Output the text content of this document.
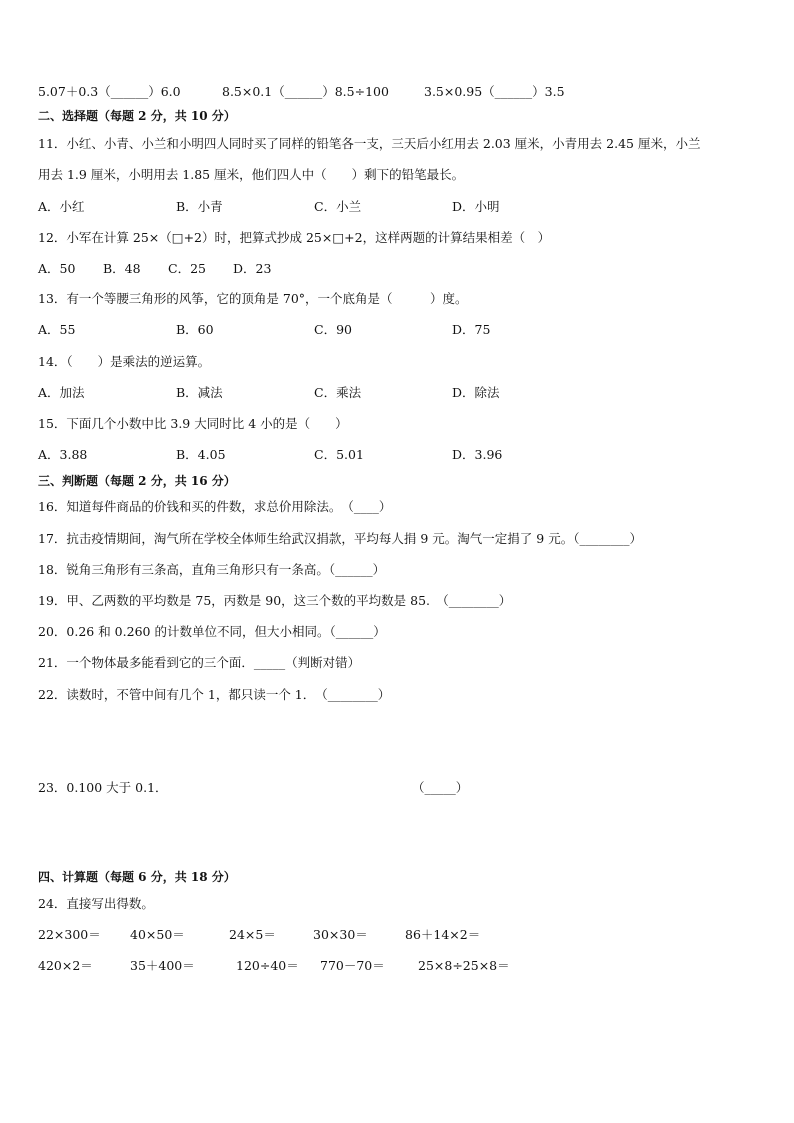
5.07＋0.3（______）6.0	8.5×0.1（______）8.5÷100	3.5×0.95（______）3.5
二、选择题（每题 2 分，共 10 分）
11．小红、小青、小兰和小明四人同时买了同样的铅笔各一支，三天后小红用去 2.03 厘米，小青用去 2.45 厘米，小兰
用去 1.9 厘米，小明用去 1.85 厘米，他们四人中（　　）剩下的铅笔最长。
A．小红	B．小青	C．小兰	D．小明
12．小军在计算 25×（□+2）时，把算式抄成 25×□+2，这样两题的计算结果相差（　）
A．50 B．48 C．25 D．23
13．有一个等腰三角形的风筝，它的顶角是 70°，一个底角是（　　　）度。
A．55	B．60	C．90	D．75
14．（　　）是乘法的逆运算。
A．加法	B．减法	C．乘法	D．除法
15．下面几个小数中比 3.9 大同时比 4 小的是（　　）
A．3.88	B．4.05	C．5.01	D．3.96
三、判断题（每题 2 分，共 16 分）
16．知道每件商品的价钱和买的件数，求总价用除法。　（____）
17．抗击疫情期间，淘气所在学校全体师生给武汉捐款，平均每人捐 9 元。淘气一定捐了 9 元。（________）
18．锐角三角形有三条高，直角三角形只有一条高。（______）
19．甲、乙两数的平均数是 75，丙数是 90，这三个数的平均数是 85.　（________）
20．0.26 和 0.260 的计数单位不同，但大小相同。（______）
21．一个物体最多能看到它的三个面．_____（判断对错）
22．读数时，不管中间有几个 1，都只读一个 1．　（________）
23．0.100 大于 0.1．	（_____）
四、计算题（每题 6 分，共 18 分）
24．直接写出得数。
22×300＝ 40×50＝	24×5＝	30×30＝	86＋14×2＝
420×2＝	35＋400＝	120÷40＝ 770－70＝	25×8÷25×8＝
